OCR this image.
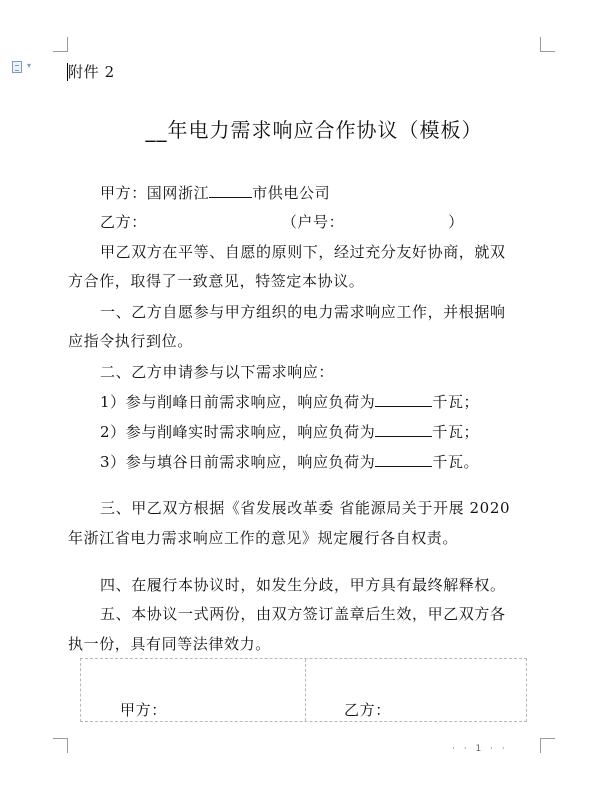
▾ 附件 2
__年电力需求响应合作协议（模板）
甲方：国网浙江	市供电公司
乙方：	（户号：	）
甲乙双方在平等、自愿的原则下，经过充分友好协商，就双
方合作，取得了一致意见，特签定本协议。
一、乙方自愿参与甲方组织的电力需求响应工作，并根据响
应指令执行到位。
二、乙方申请参与以下需求响应：
1）参与削峰日前需求响应，响应负荷为	千瓦；
2）参与削峰实时需求响应，响应负荷为	千瓦；
3）参与填谷日前需求响应，响应负荷为	千瓦。
三、甲乙双方根据《省发展改革委 省能源局关于开展 2020
年浙江省电力需求响应工作的意见》规定履行各自权责。
四、在履行本协议时，如发生分歧，甲方具有最终解释权。
五、本协议一式两份，由双方签订盖章后生效，甲乙双方各
执一份，具有同等法律效力。
甲方：	乙方：
· · 1 · ·
